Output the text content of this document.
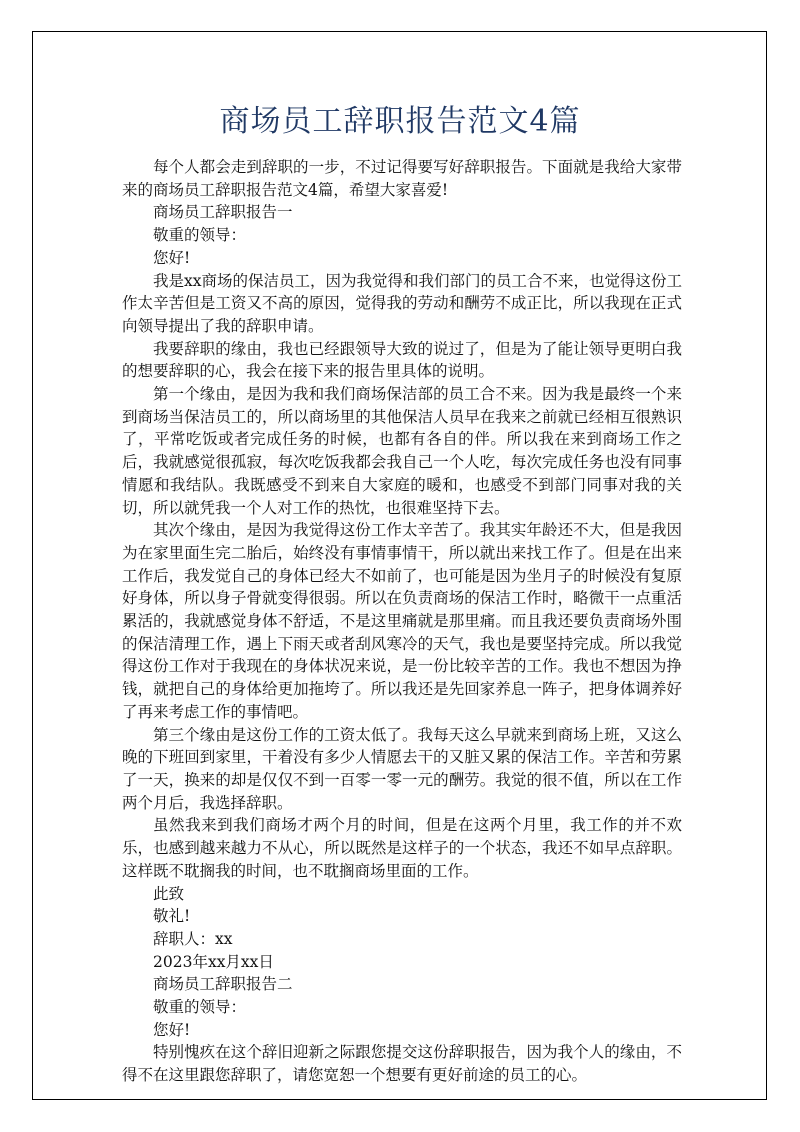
商场员工辞职报告范文4篇

每个人都会走到辞职的一步，不过记得要写好辞职报告。下面就是我给大家带来的商场员工辞职报告范文4篇，希望大家喜爱!

商场员工辞职报告一

敬重的领导：

您好!

我是xx商场的保洁员工，因为我觉得和我们部门的员工合不来，也觉得这份工作太辛苦但是工资又不高的原因，觉得我的劳动和酬劳不成正比，所以我现在正式向领导提出了我的辞职申请。

我要辞职的缘由，我也已经跟领导大致的说过了，但是为了能让领导更明白我的想要辞职的心，我会在接下来的报告里具体的说明。

第一个缘由，是因为我和我们商场保洁部的员工合不来。因为我是最终一个来到商场当保洁员工的，所以商场里的其他保洁人员早在我来之前就已经相互很熟识了，平常吃饭或者完成任务的时候，也都有各自的伴。所以我在来到商场工作之后，我就感觉很孤寂，每次吃饭我都会我自己一个人吃，每次完成任务也没有同事情愿和我结队。我既感受不到来自大家庭的暖和，也感受不到部门同事对我的关切，所以就凭我一个人对工作的热忱，也很难坚持下去。

其次个缘由，是因为我觉得这份工作太辛苦了。我其实年龄还不大，但是我因为在家里面生完二胎后，始终没有事情事情干，所以就出来找工作了。但是在出来工作后，我发觉自己的身体已经大不如前了，也可能是因为坐月子的时候没有复原好身体，所以身子骨就变得很弱。所以在负责商场的保洁工作时，略微干一点重活累活的，我就感觉身体不舒适，不是这里痛就是那里痛。而且我还要负责商场外围的保洁清理工作，遇上下雨天或者刮风寒冷的天气，我也是要坚持完成。所以我觉得这份工作对于我现在的身体状况来说，是一份比较辛苦的工作。我也不想因为挣钱，就把自己的身体给更加拖垮了。所以我还是先回家养息一阵子，把身体调养好了再来考虑工作的事情吧。

第三个缘由是这份工作的工资太低了。我每天这么早就来到商场上班，又这么晚的下班回到家里，干着没有多少人情愿去干的又脏又累的保洁工作。辛苦和劳累了一天，换来的却是仅仅不到一百零一零一元的酬劳。我觉的很不值，所以在工作两个月后，我选择辞职。

虽然我来到我们商场才两个月的时间，但是在这两个月里，我工作的并不欢乐，也感到越来越力不从心，所以既然是这样子的一个状态，我还不如早点辞职。这样既不耽搁我的时间，也不耽搁商场里面的工作。

此致

敬礼!

辞职人：xx

2023年xx月xx日

商场员工辞职报告二

敬重的领导：

您好!

特别愧疚在这个辞旧迎新之际跟您提交这份辞职报告，因为我个人的缘由，不得不在这里跟您辞职了，请您宽恕一个想要有更好前途的员工的心。
